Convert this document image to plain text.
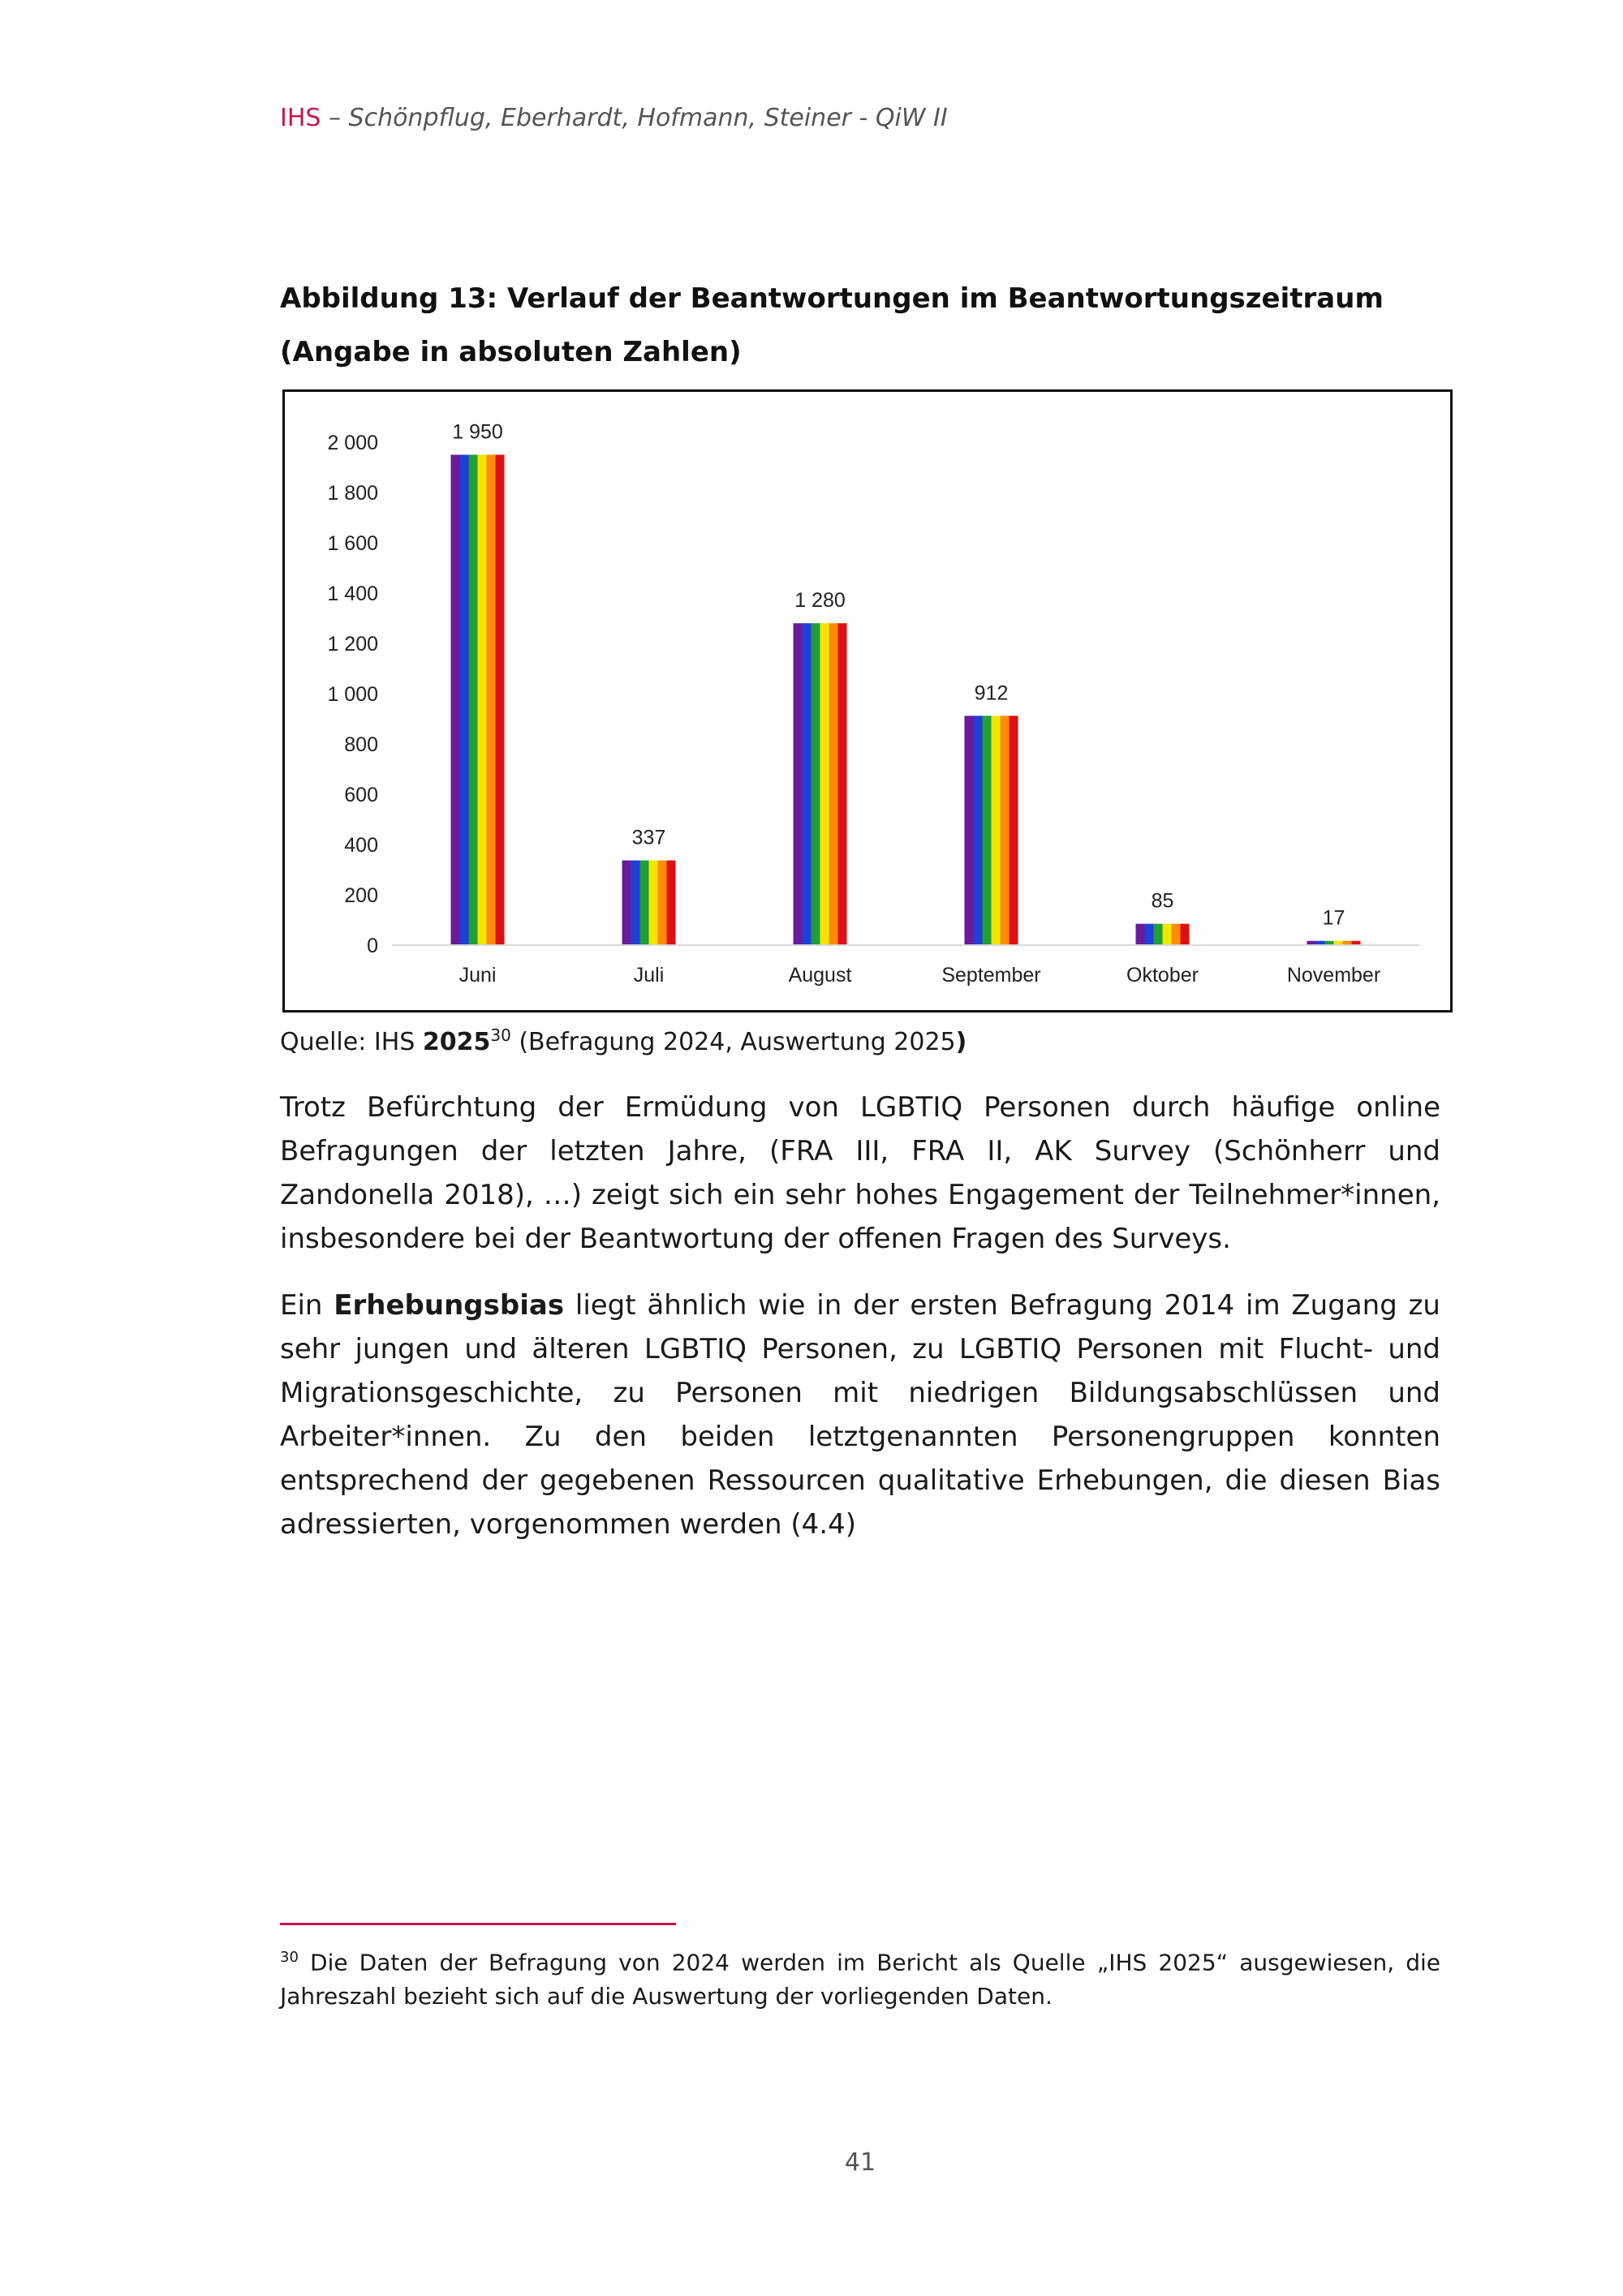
IHS – Schönpflug, Eberhardt, Hofmann, Steiner - QiW II
Abbildung 13: Verlauf der Beantwortungen im Beantwortungszeitraum
(Angabe in absoluten Zahlen)
0
200
400
600
800
1 000
1 200
1 400
1 600
1 800
2 000	1 950
337
1 280
912
85
17
Juni	Juli	August	September	Oktober	November
Quelle: IHS 2025$^{30}$ (Befragung 2024, Auswertung 2025)

Trotz Befürchtung der Ermüdung von LGBTIQ Personen durch häufige online Befragungen der letzten Jahre, (FRA III, FRA II, AK Survey (Schönherr und Zandonella 2018), …) zeigt sich ein sehr hohes Engagement der Teilnehmer*innen, insbesondere bei der Beantwortung der offenen Fragen des Surveys.

Ein Erhebungsbias liegt ähnlich wie in der ersten Befragung 2014 im Zugang zu sehr jungen und älteren LGBTIQ Personen, zu LGBTIQ Personen mit Flucht- und Migrationsgeschichte, zu Personen mit niedrigen Bildungsabschlüssen und Arbeiter*innen. Zu den beiden letztgenannten Personengruppen konnten entsprechend der gegebenen Ressourcen qualitative Erhebungen, die diesen Bias adressierten, vorgenommen werden (4.4)

$^{30}$ Die Daten der Befragung von 2024 werden im Bericht als Quelle „IHS 2025“ ausgewiesen, die Jahreszahl bezieht sich auf die Auswertung der vorliegenden Daten.

41
